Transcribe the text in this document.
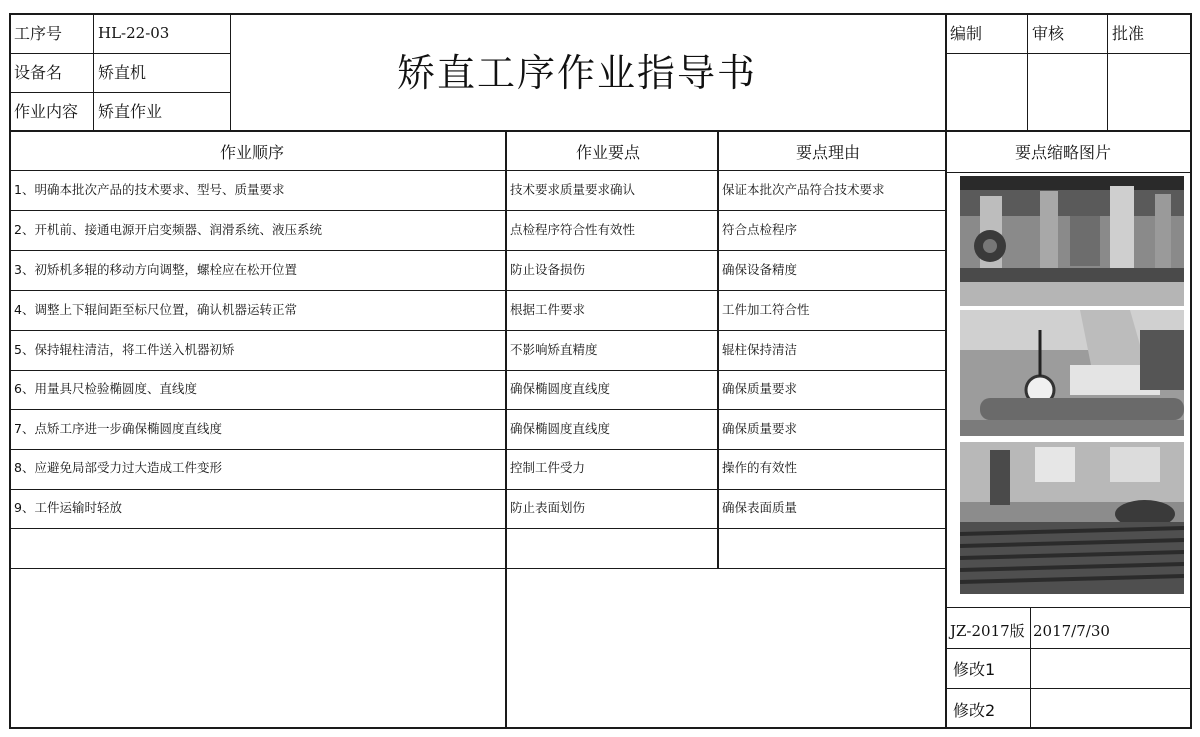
工序号 HL-22-03
设备名 矫直机
作业内容 矫直作业
矫直工序作业指导书
编制	审核	批准
作业顺序	作业要点	要点理由	要点缩略图片
1、明确本批次产品的技术要求、型号、质量要求	技术要求质量要求确认	保证本批次产品符合技术要求
2、开机前、接通电源开启变频器、润滑系统、液压系统	点检程序符合性有效性	符合点检程序
3、初矫机多辊的移动方向调整，螺栓应在松开位置	防止设备损伤	确保设备精度
4、调整上下辊间距至标尺位置，确认机器运转正常	根据工件要求	工件加工符合性
5、保持辊柱清洁，将工件送入机器初矫	不影响矫直精度	辊柱保持清洁
6、用量具尺检验椭圆度、直线度	确保椭圆度直线度	确保质量要求
7、点矫工序进一步确保椭圆度直线度	确保椭圆度直线度	确保质量要求
8、应避免局部受力过大造成工件变形	控制工件受力	操作的有效性
9、工件运输时轻放	防止表面划伤	确保表面质量
JZ-2017版 2017/7/30
修改1
修改2
